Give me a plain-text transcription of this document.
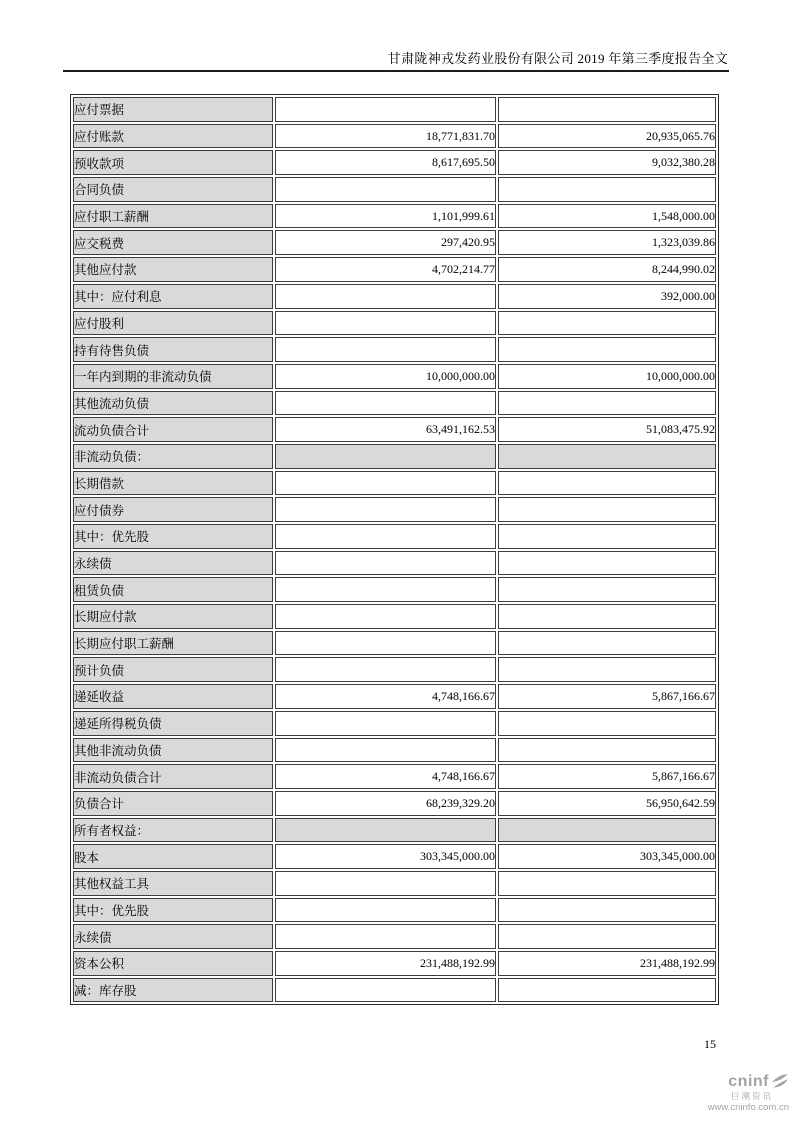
甘肃陇神戎发药业股份有限公司 2019 年第三季度报告全文
应付票据		
应付账款	18,771,831.70	20,935,065.76
预收款项	8,617,695.50	9,032,380.28
合同负债		
应付职工薪酬	1,101,999.61	1,548,000.00
应交税费	297,420.95	1,323,039.86
其他应付款	4,702,214.77	8,244,990.02
其中：应付利息		392,000.00
应付股利		
持有待售负债		
一年内到期的非流动负债	10,000,000.00	10,000,000.00
其他流动负债		
流动负债合计	63,491,162.53	51,083,475.92
非流动负债：		
长期借款		
应付债券		
其中：优先股		
永续债		
租赁负债		
长期应付款		
长期应付职工薪酬		
预计负债		
递延收益	4,748,166.67	5,867,166.67
递延所得税负债		
其他非流动负债		
非流动负债合计	4,748,166.67	5,867,166.67
负债合计	68,239,329.20	56,950,642.59
所有者权益：		
股本	303,345,000.00	303,345,000.00
其他权益工具		
其中：优先股		
永续债		
资本公积	231,488,192.99	231,488,192.99
减：库存股		
15
cninf
巨潮资讯
www.cninfo.com.cn
